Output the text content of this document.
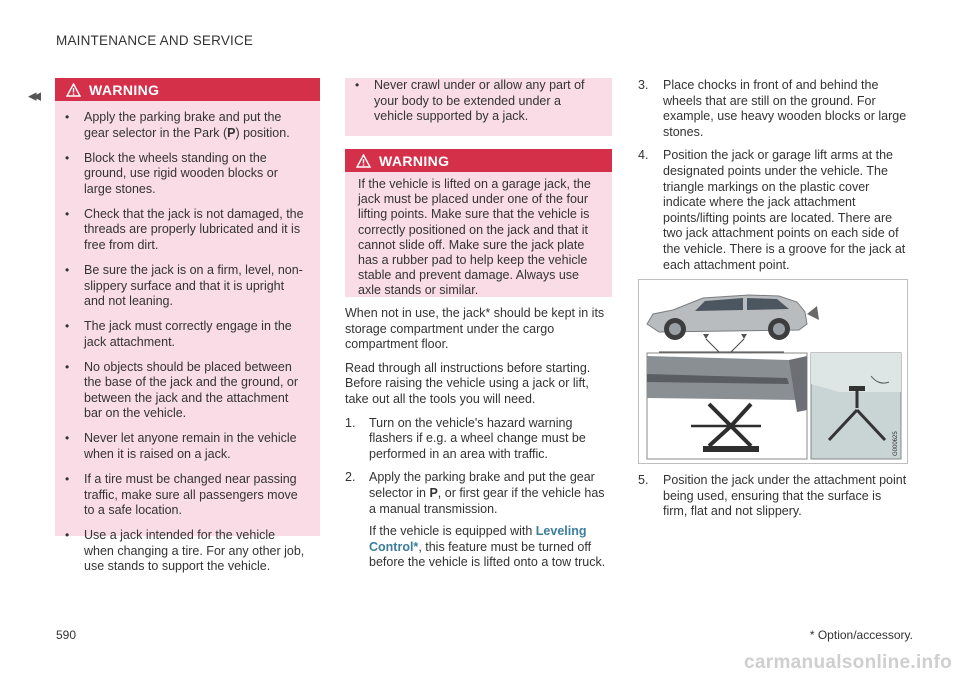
MAINTENANCE AND SERVICE
◂◂	WARNING
• Apply the parking brake and put the gear selector in the Park (P) position.
• Block the wheels standing on the ground, use rigid wooden blocks or large stones.
• Check that the jack is not damaged, the threads are properly lubricated and it is free from dirt.
• Be sure the jack is on a firm, level, non-slippery surface and that it is upright and not leaning.
• The jack must correctly engage in the jack attachment.
• No objects should be placed between the base of the jack and the ground, or between the jack and the attachment bar on the vehicle.
• Never let anyone remain in the vehicle when it is raised on a jack.
• If a tire must be changed near passing traffic, make sure all passengers move to a safe location.
• Use a jack intended for the vehicle when changing a tire. For any other job, use stands to support the vehicle.
• Never crawl under or allow any part of your body to be extended under a vehicle supported by a jack.
WARNING
If the vehicle is lifted on a garage jack, the jack must be placed under one of the four lifting points. Make sure that the vehicle is correctly positioned on the jack and that it cannot slide off. Make sure the jack plate has a rubber pad to help keep the vehicle stable and prevent damage. Always use axle stands or similar.

When not in use, the jack* should be kept in its storage compartment under the cargo compartment floor.

Read through all instructions before starting. Before raising the vehicle using a jack or lift, take out all the tools you will need.

1. Turn on the vehicle's hazard warning flashers if e.g. a wheel change must be performed in an area with traffic.
2. Apply the parking brake and put the gear selector in P, or first gear if the vehicle has a manual transmission.
If the vehicle is equipped with Leveling Control*, this feature must be turned off before the vehicle is lifted onto a tow truck.
3. Place chocks in front of and behind the wheels that are still on the ground. For example, use heavy wooden blocks or large stones.
4. Position the jack or garage lift arms at the designated points under the vehicle. The triangle markings on the plastic cover indicate where the jack attachment points/lifting points are located. There are two jack attachment points on each side of the vehicle. There is a groove for the jack at each attachment point.
G000625
5. Position the jack under the attachment point being used, ensuring that the surface is firm, flat and not slippery.
590	* Option/accessory.
carmanualsonline.info
